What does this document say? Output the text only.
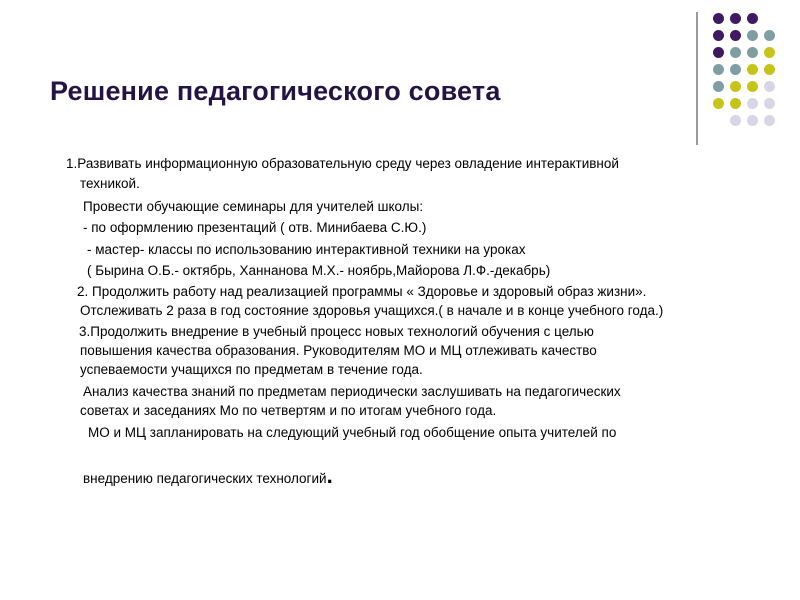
Решение педагогического совета
1.Развивать информационную образовательную среду через овладение интерактивной
техникой.
Провести обучающие семинары для учителей школы:
- по оформлению презентаций ( отв. Минибаева С.Ю.)
- мастер- классы по использованию интерактивной техники на уроках
( Бырина О.Б.- октябрь, Ханнанова М.Х.- ноябрь,Майорова Л.Ф.-декабрь)
2. Продолжить работу над реализацией программы « Здоровье и здоровый образ жизни».
Отслеживать 2 раза в год состояние здоровья учащихся.( в начале и в конце учебного года.)
3.Продолжить внедрение в учебный процесс новых технологий обучения с целью
повышения качества образования. Руководителям МО и МЦ отлеживать качество
успеваемости учащихся по предметам в течение года.
Анализ качества знаний по предметам периодически заслушивать на педагогических
советах и заседаниях Мо по четвертям и по итогам учебного года.
МО и МЦ запланировать на следующий учебный год обобщение опыта учителей по
внедрению педагогических технологий.
